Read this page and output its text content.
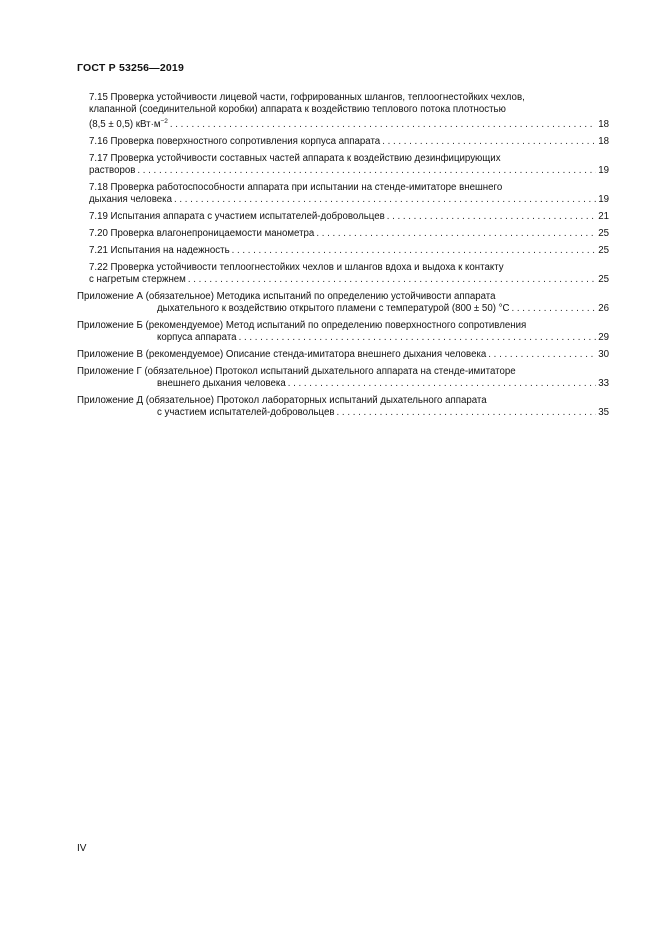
ГОСТ Р 53256—2019
7.15 Проверка устойчивости лицевой части, гофрированных шлангов, теплоогнестойких чехлов,
клапанной (соединительной коробки) аппарата к воздействию теплового потока плотностью
(8,5 ± 0,5) $кВт\cdot м^{-2}$ . . .	18
7.16 Проверка поверхностного сопротивления корпуса аппарата . . .	18
7.17 Проверка устойчивости составных частей аппарата к воздействию дезинфицирующих
растворов . . .	19
7.18 Проверка работоспособности аппарата при испытании на стенде-имитаторе внешнего
дыхания человека . . .	19
7.19 Испытания аппарата с участием испытателей-добровольцев . . .	21
7.20 Проверка влагонепроницаемости манометра . . .	25
7.21 Испытания на надежность . . .	25
7.22 Проверка устойчивости теплоогнестойких чехлов и шлангов вдоха и выдоха к контакту
с нагретым стержнем . . .	25
Приложение А (обязательное) Методика испытаний по определению устойчивости аппарата
дыхательного к воздействию открытого пламени с температурой (800 ± 50) °С . . .	26
Приложение Б (рекомендуемое) Метод испытаний по определению поверхностного сопротивления
корпуса аппарата . . .	29
Приложение В (рекомендуемое) Описание стенда-имитатора внешнего дыхания человека . . .	30
Приложение Г (обязательное) Протокол испытаний дыхательного аппарата на стенде-имитаторе
внешнего дыхания человека . . .	33
Приложение Д (обязательное) Протокол лабораторных испытаний дыхательного аппарата
с участием испытателей-добровольцев . . .	35
IV
